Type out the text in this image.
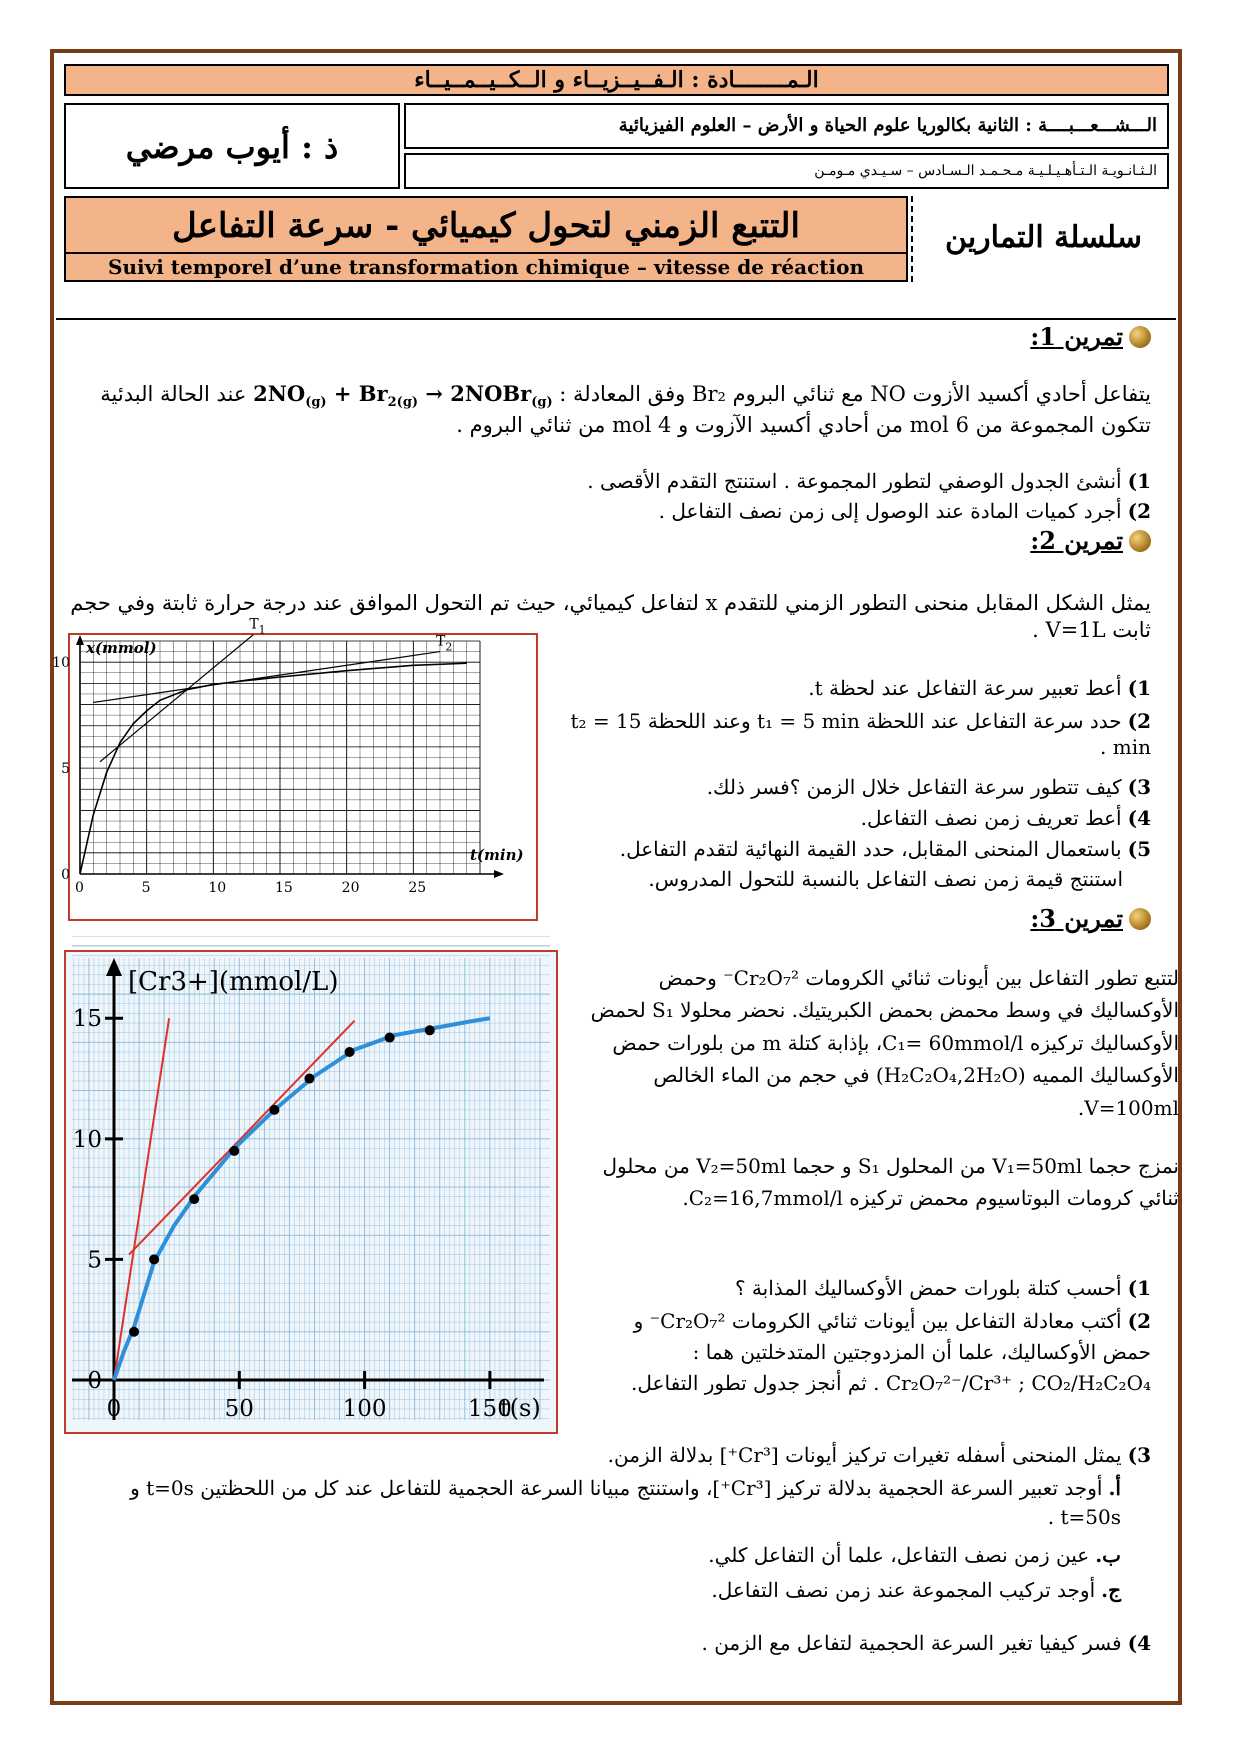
الـمــــــــادة : الـفــيــزيــاء و الــكــيــمــيــاء
ذ : أيوب مرضي
الـــشـــعـــبــــة : الثانية بكالوريا علوم الحياة و الأرض – العلوم الفيزيائية
الـثـانـويـة الـتـأهـيـلـيـة مـحـمـد الـسـادس – سـيـدي مـومـن
التتبع الزمني لتحول كيميائي - سرعة التفاعل
Suivi temporel d’une transformation chimique – vitesse de réaction
سلسلة التمارين
تمرين 1:
يتفاعل أحادي أكسيد الأزوت NO مع ثنائي البروم Br₂ وفق المعادلة : $2NO_{(g)} + Br_{2(g)}$ → 2NOBr$_{(g)}$ عند الحالة البدئية تتكون المجموعة من 6 mol من أحادي أكسيد الآزوت و 4 mol من ثنائي البروم .
1)أنشئ الجدول الوصفي لتطور المجموعة . استنتج التقدم الأقصى .
2)أجرد كميات المادة عند الوصول إلى زمن نصف التفاعل .
تمرين 2:
يمثل الشكل المقابل منحنى التطور الزمني للتقدم x لتفاعل كيميائي، حيث تم التحول الموافق عند درجة حرارة ثابتة وفي حجم ثابت V=1L .
x(mmol)
t(min)
0	5	10	15	20	25
0
5
10
$T_1$
$T_2$
1)أعط تعبير سرعة التفاعل عند لحظة t.
2)حدد سرعة التفاعل عند اللحظة t₁ = 5 min وعند اللحظة t₂ = 15 min .
3)كيف تتطور سرعة التفاعل خلال الزمن ؟فسر ذلك.
4)أعط تعريف زمن نصف التفاعل.
5)باستعمال المنحنى المقابل، حدد القيمة النهائية لتقدم التفاعل.
استنتج قيمة زمن نصف التفاعل بالنسبة للتحول المدروس.
تمرين 3:
[Cr3+](mmol/L)
t(s)
0	50	100	150
0
5
10
15
لتتبع تطور التفاعل بين أيونات ثنائي الكرومات Cr₂O₇²⁻ وحمض الأوكساليك في وسط محمض بحمض الكبريتيك. نحضر محلولا S₁ لحمض الأوكساليك تركيزه C₁= 60mmol/l، بإذابة كتلة m من بلورات حمض الأوكساليك المميه (H₂C₂O₄,2H₂O) في حجم من الماء الخالص V=100ml.
نمزج حجما V₁=50ml من المحلول S₁ و حجما V₂=50ml من محلول ثنائي كرومات البوتاسيوم محمض تركيزه C₂=16,7mmol/l.
1)أحسب كتلة بلورات حمض الأوكساليك المذابة ؟
2)أكتب معادلة التفاعل بين أيونات ثنائي الكرومات Cr₂O₇²⁻ و حمض الأوكساليك، علما أن المزدوجتين المتدخلتين هما : Cr₂O₇²⁻/Cr³⁺ ; CO₂/H₂C₂O₄ . ثم أنجز جدول تطور التفاعل.
3)يمثل المنحنى أسفله تغيرات تركيز أيونات [Cr³⁺] بدلالة الزمن.
أ.أوجد تعبير السرعة الحجمية بدلالة تركيز [Cr³⁺]، واستنتج مبيانا السرعة الحجمية للتفاعل عند كل من اللحظتين t=0s و t=50s .
ب.عين زمن نصف التفاعل، علما أن التفاعل كلي.
ج.أوجد تركيب المجموعة عند زمن نصف التفاعل.
4)فسر كيفيا تغير السرعة الحجمية لتفاعل مع الزمن .
